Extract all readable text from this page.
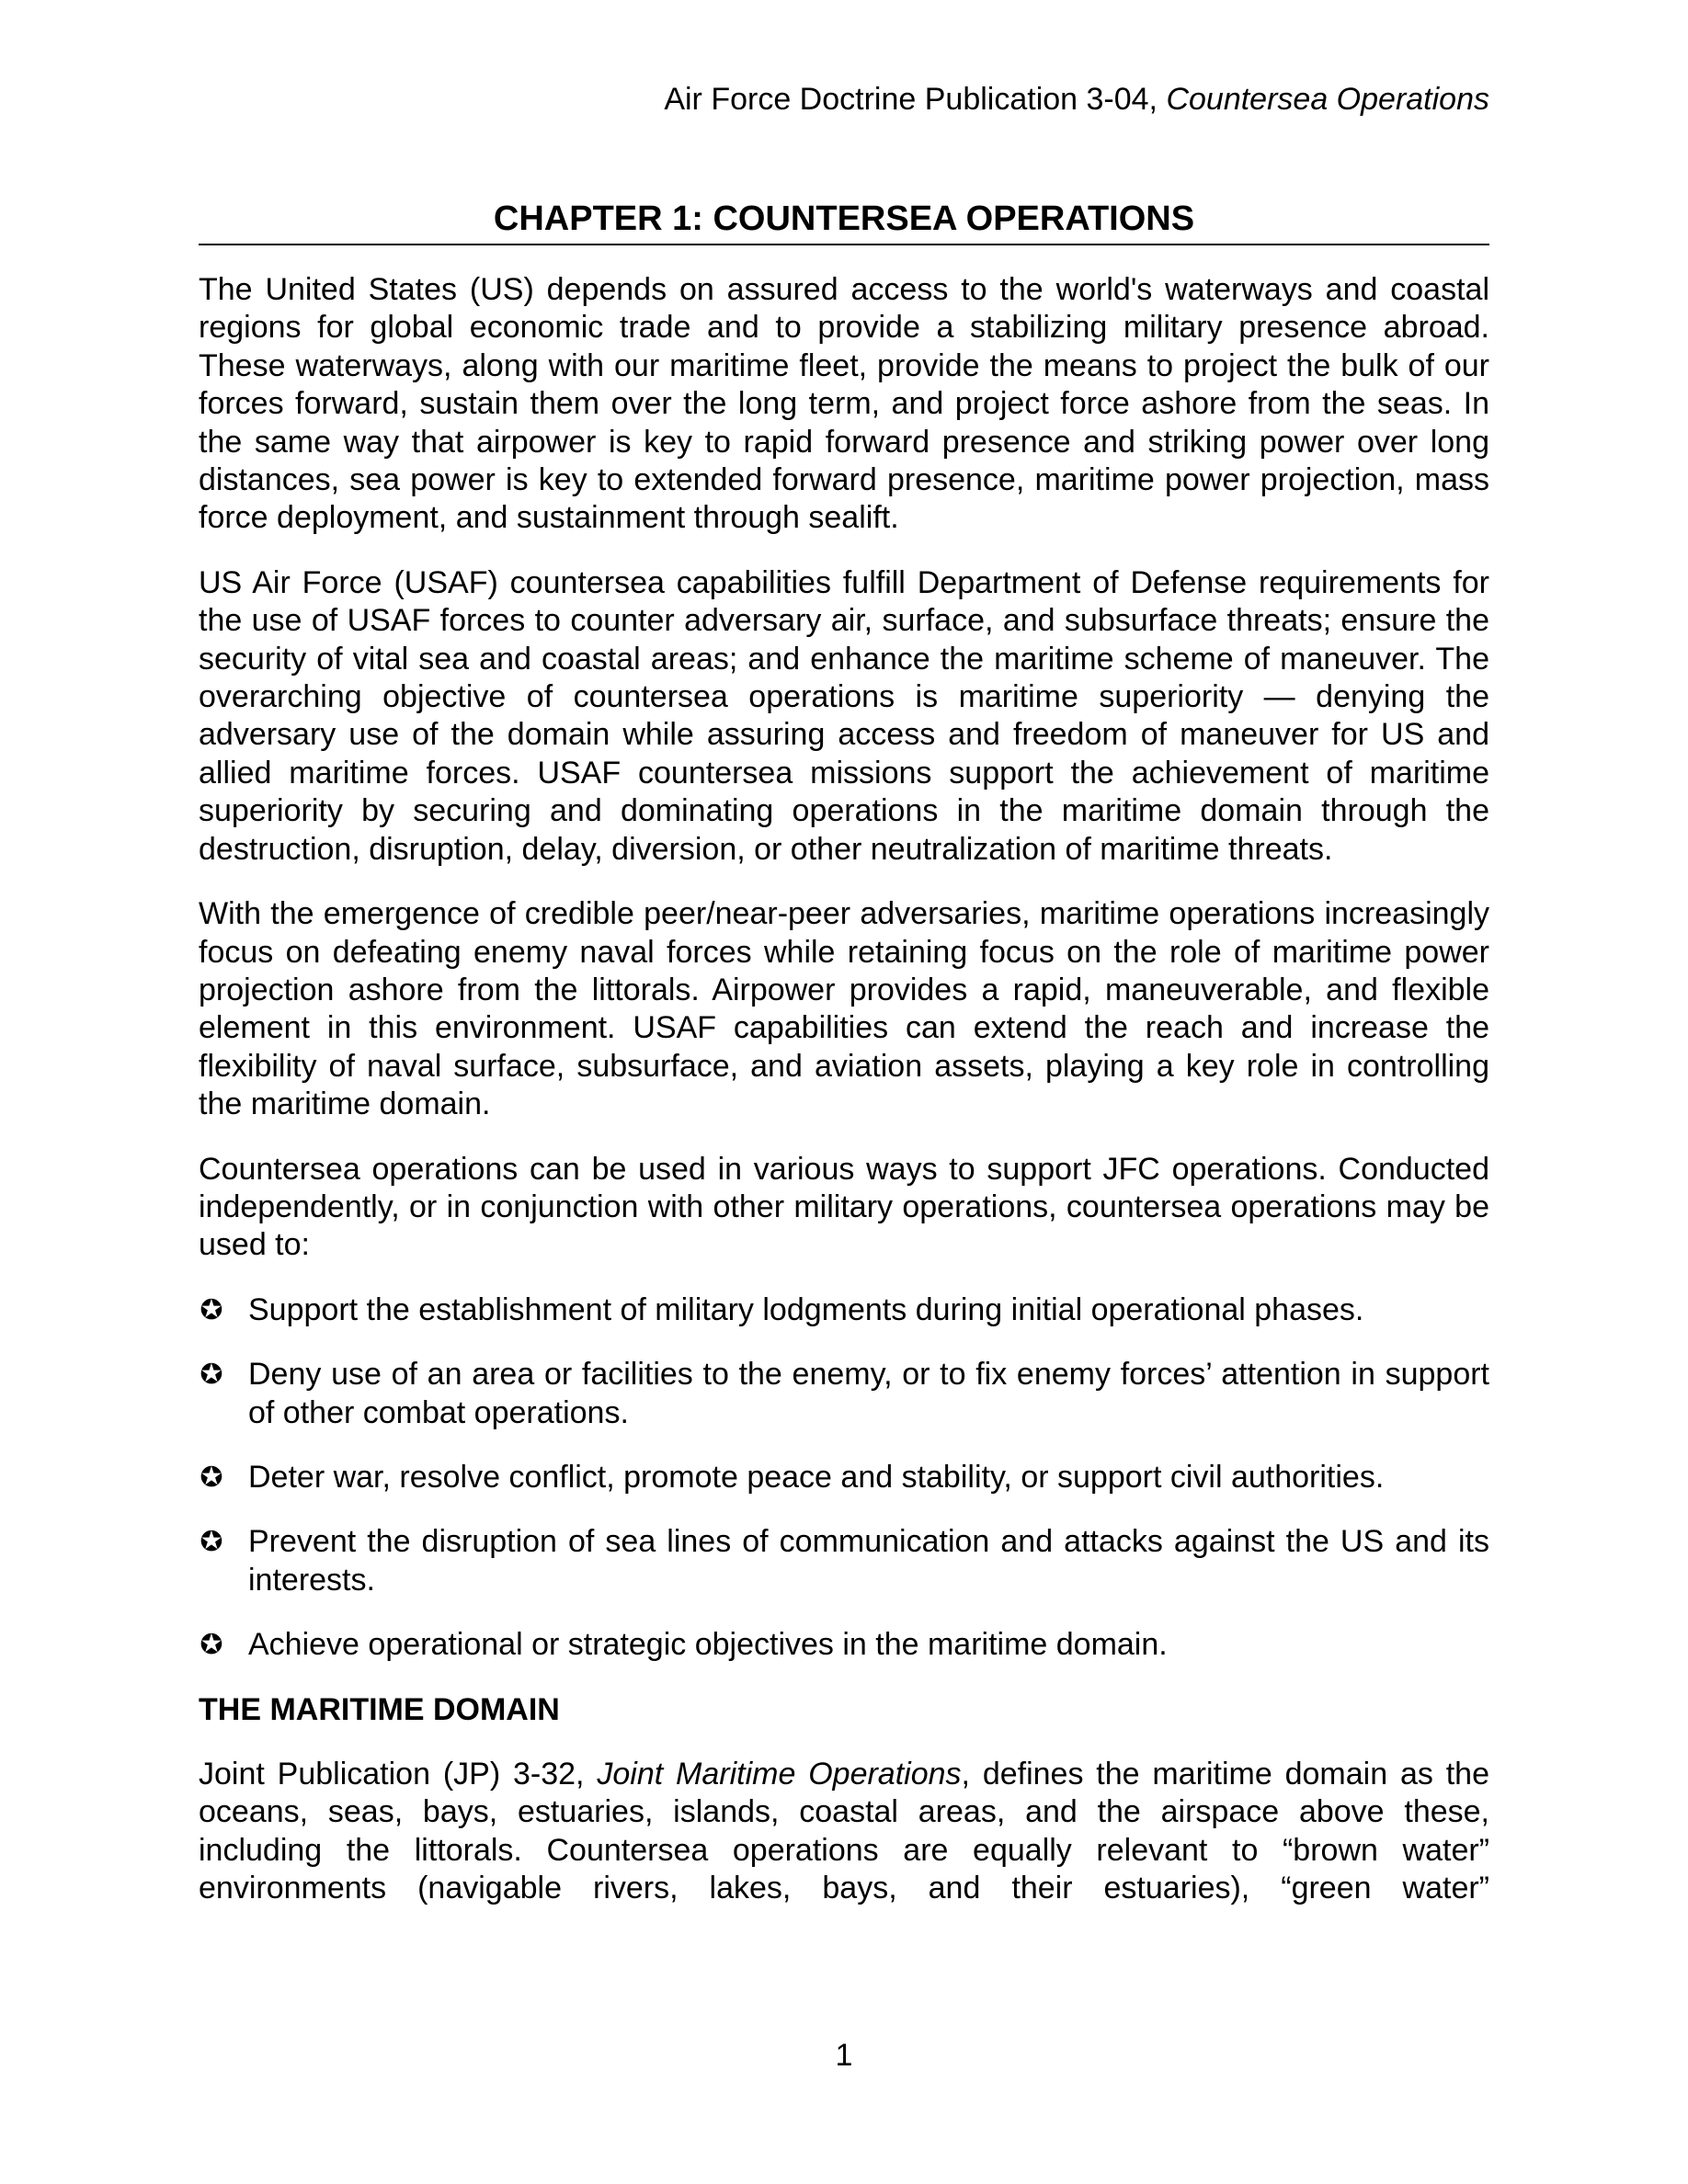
Air Force Doctrine Publication 3-04, Countersea Operations
CHAPTER 1: COUNTERSEA OPERATIONS

The United States (US) depends on assured access to the world's waterways and coastal regions for global economic trade and to provide a stabilizing military presence abroad. These waterways, along with our maritime fleet, provide the means to project the bulk of our forces forward, sustain them over the long term, and project force ashore from the seas. In the same way that airpower is key to rapid forward presence and striking power over long distances, sea power is key to extended forward presence, maritime power projection, mass force deployment, and sustainment through sealift.

US Air Force (USAF) countersea capabilities fulfill Department of Defense requirements for the use of USAF forces to counter adversary air, surface, and subsurface threats; ensure the security of vital sea and coastal areas; and enhance the maritime scheme of maneuver. The overarching objective of countersea operations is maritime superiority — denying the adversary use of the domain while assuring access and freedom of maneuver for US and allied maritime forces. USAF countersea missions support the achievement of maritime superiority by securing and dominating operations in the maritime domain through the destruction, disruption, delay, diversion, or other neutralization of maritime threats.

With the emergence of credible peer/near-peer adversaries, maritime operations increasingly focus on defeating enemy naval forces while retaining focus on the role of maritime power projection ashore from the littorals. Airpower provides a rapid, maneuverable, and flexible element in this environment. USAF capabilities can extend the reach and increase the flexibility of naval surface, subsurface, and aviation assets, playing a key role in controlling the maritime domain.

Countersea operations can be used in various ways to support JFC operations. Conducted independently, or in conjunction with other military operations, countersea operations may be used to:

✪ Support the establishment of military lodgments during initial operational phases.
✪ Deny use of an area or facilities to the enemy, or to fix enemy forces’ attention in support of other combat operations.
✪ Deter war, resolve conflict, promote peace and stability, or support civil authorities.
✪ Prevent the disruption of sea lines of communication and attacks against the US and its interests.
✪ Achieve operational or strategic objectives in the maritime domain.
THE MARITIME DOMAIN

Joint Publication (JP) 3-32, Joint Maritime Operations, defines the maritime domain as the oceans, seas, bays, estuaries, islands, coastal areas, and the airspace above these, including the littorals. Countersea operations are equally relevant to “brown water” environments (navigable rivers, lakes, bays, and their estuaries), “green water”

1
